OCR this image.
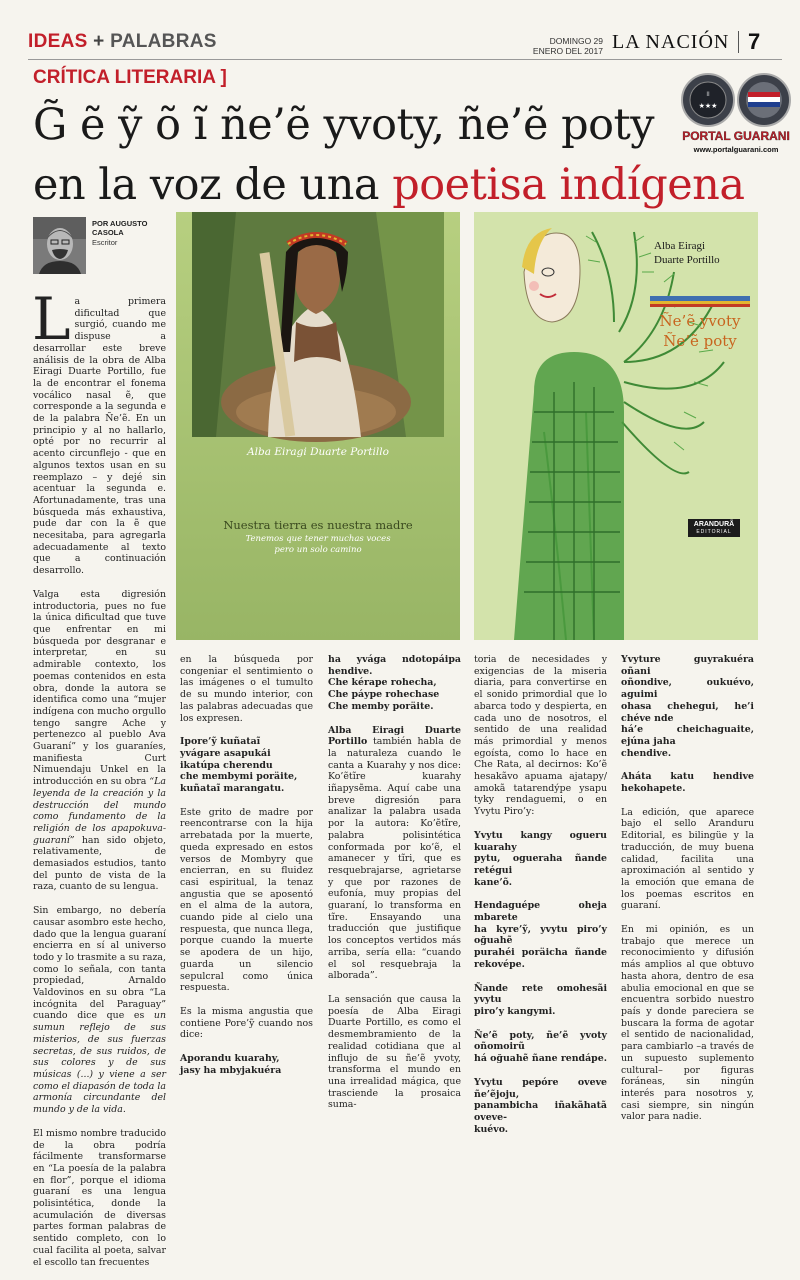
IDEAS + PALABRAS	DOMINGO 29
ENERO DEL 2017 LA NACIÓN 7
II
★★★
PORTAL GUARANI
www.portalguarani.com
CRÍTICA LITERARIA ]
G̃ ẽ ỹ õ ĩ ñe’ẽ yvoty, ñe’ẽ poty
en la voz de una poetisa indígena
POR AUGUSTO CASOLA
Escritor
Alba Eiragi Duarte Portillo
Nuestra tierra es nuestra madre
Tenemos que tener muchas voces
pero un solo camino
Alba Eiragi
Duarte Portillo
Ñe’ẽ yvoty
Ñe’ẽ poty
ARANDURÃ
EDITORIAL

La primera dificultad que surgió, cuando me dispuse a desarrollar este breve análisis de la obra de Alba Eiragi Duarte Portillo, fue la de encontrar el fonema vocálico nasal ẽ, que corresponde a la segunda e de la palabra Ñe’ẽ. En un principio y al no hallarlo, opté por no recurrir al acento circunflejo - que en algunos textos usan en su reemplazo – y dejé sin acentuar la segunda e. Afortunadamente, tras una búsqueda más exhaustiva, pude dar con la ẽ que necesitaba, para agregarla adecuadamente al texto que a continuación desarrollo.

Valga esta digresión introductoria, pues no fue la única dificultad que tuve que enfrentar en mi búsqueda por desgranar e interpretar, en su admirable contexto, los poemas contenidos en esta obra, donde la autora se identifica como una “mujer indígena con mucho orgullo tengo sangre Ache y pertenezco al pueblo Ava Guaraní” y los guaraníes, manifiesta Curt Nimuendaju Unkel en la introducción en su obra “La leyenda de la creación y la destrucción del mundo como fundamento de la religión de los apapokuva-guaraní” han sido objeto, relativamente, de demasiados estudios, tanto del punto de vista de la raza, cuanto de su lengua.

Sin embargo, no debería causar asombro este hecho, dado que la lengua guaraní encierra en sí al universo todo y lo trasmite a su raza, como lo señala, con tanta propiedad, Arnaldo Valdovinos en su obra “La incógnita del Paraguay” cuando dice que es un sumun reflejo de sus misterios, de sus fuerzas secretas, de sus ruidos, de sus colores y de sus músicas (...) y viene a ser como el diapasón de toda la armonía circundante del mundo y de la vida.

El mismo nombre traducido de la obra podría fácilmente transformarse en “La poesía de la palabra en flor”, porque el idioma guaraní es una lengua polisintética, donde la acumulación de diversas partes forman palabras de sentido completo, con lo cual facilita al poeta, salvar el escollo tan frecuentes

en la búsqueda por congeniar el sentimiento o las imágenes o el tumulto de su mundo interior, con las palabras adecuadas que los expresen.

Ipore’ỹ kuñataĩ
yvágare asapukái
ikatúpa cherendu
che membymi poräite,
kuñataĩ marangatu.

Este grito de madre por reencontrarse con la hija arrebatada por la muerte, queda expresado en estos versos de Mombyry que encierran, en su fluidez casi espiritual, la tenaz angustia que se aposentó en el alma de la autora, cuando pide al cielo una respuesta, que nunca llega, porque cuando la muerte se apodera de un hijo, guarda un silencio sepulcral como única respuesta.

Es la misma angustia que contiene Pore’ỹ cuando nos dice:

Aporandu kuarahy,
jasy ha mbyjakuéra

ha yvága ndotopáipa hendive.
Che kérape rohecha,
Che páype rohechase
Che memby poräite.

Alba Eiragi Duarte Portillo también habla de la naturaleza cuando le canta a Kuarahy y nos dice: Ko’ẽtĩre kuarahy iñapysẽma. Aquí cabe una breve digresión para analizar la palabra usada por la autora: Ko’ẽtĩre, palabra polisintética conformada por ko’ẽ, el amanecer y tĩri, que es resquebrajarse, agrietarse y que por razones de eufonía, muy propias del guaraní, lo transforma en tĩre. Ensayando una traducción que justifique los conceptos vertidos más arriba, sería ella: “cuando el sol resquebraja la alborada”.

La sensación que causa la poesía de Alba Eiragi Duarte Portillo, es como el desmembramiento de la realidad cotidiana que al influjo de su ñe’ẽ yvoty, transforma el mundo en una irrealidad mágica, que trasciende la prosaica suma-

toria de necesidades y exigencias de la miseria diaria, para convertirse en el sonido primordial que lo abarca todo y despierta, en cada uno de nosotros, el sentido de una realidad más primordial y menos egoísta, como lo hace en Che Rata, al decirnos: Ko’ẽ hesakãvo apuama ajatapy/ amokã tatarendýpe ysapu tyky rendaguemi, o en Yvytu Piro’y:

Yvytu kangy ogueru kuarahy
pytu, ogueraha ñande retégui
kane’õ.

Hendaguépe oheja mbarete
ha kyre’ỹ, yvytu piro’y oğuahẽ
purahéi poräicha ñande rekovépe.

Ñande rete omohesãi yvytu
piro’y kangymi.

Ñe’ẽ poty, ñe’ẽ yvoty oñomoirũ
há oğuahẽ ñane rendápe.

Yvytu pepóre oveve ñe’ẽjoju,
panambicha iñakãhatã oveve-
kuévo.

Yvyture guyrakuéra oñani
oñondive, oukuévo, aguimi
ohasa chehegui, he’i chéve nde
há’e cheichaguaite, ejúna jaha
chendive.

Aháta katu hendive hekohapete.

La edición, que aparece bajo el sello Aranduru Editorial, es bilingüe y la traducción, de muy buena calidad, facilita una aproximación al sentido y la emoción que emana de los poemas escritos en guaraní.

En mi opinión, es un trabajo que merece un reconocimiento y difusión más amplios al que obtuvo hasta ahora, dentro de esa abulia emocional en que se encuentra sorbido nuestro país y donde pareciera se buscara la forma de agotar el sentido de nacionalidad, para cambiarlo –a través de un supuesto suplemento cultural– por figuras foráneas, sin ningún interés para nosotros y, casi siempre, sin ningún valor para nadie.
